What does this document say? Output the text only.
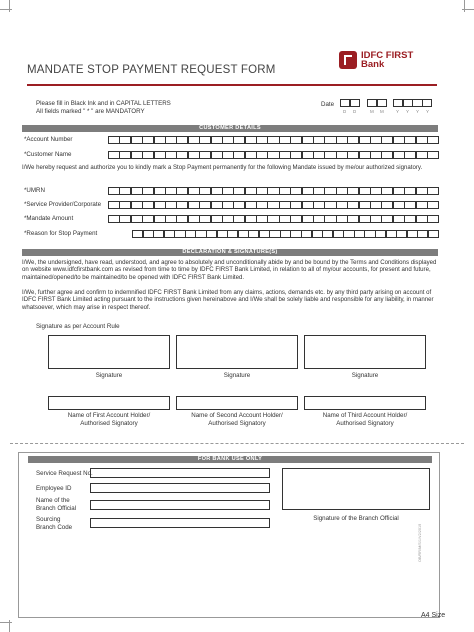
MANDATE STOP PAYMENT REQUEST FORM
IDFC FIRST
Bank
Please fill in Black Ink and in CAPITAL LETTERS
All fields marked " * " are MANDATORY
Date
D D	M M	Y Y Y Y
CUSTOMER DETAILS
*Account Number
*Customer Name
I/We hereby request and authorize you to kindly mark a Stop Payment permanently for the following Mandate issued by me/our authorized signatory.
*UMRN
*Service Provider/Corporate
*Mandate Amount
*Reason for Stop Payment
DECLARATION & SIGNATURE(S)
I/We, the undersigned, have read, understood, and agree to absolutely and unconditionally abide by and be bound by the Terms and Conditions displayed on website www.idfcfirstbank.com as revised from time to time by IDFC FIRST Bank Limited, in relation to all of my/our accounts, for present and future, maintained/opened/to be maintained/to be opened with IDFC FIRST Bank Limited.
I/We, further agree and confirm to indemnified IDFC FIRST Bank Limited from any claims, actions, demands etc. by any third party arising on account of IDFC FIRST Bank Limited acting pursuant to the instructions given hereinabove and I/We shall be solely liable and responsible for any liability, in manner whatsoever, which may arise in respect thereof.
Signature as per Account Rule
Signature	Signature	Signature
Name of First Account Holder/
Authorised Signatory
Name of Second Account Holder/
Authorised Signatory
Name of Third Account Holder/
Authorised Signatory
FOR BANK USE ONLY
Service Request No.
Employee ID
Name of the
Branch Official
Sourcing
Branch Code
Signature of the Branch Official
OB/RR/M/S/1/V2/2019
A4 Size
